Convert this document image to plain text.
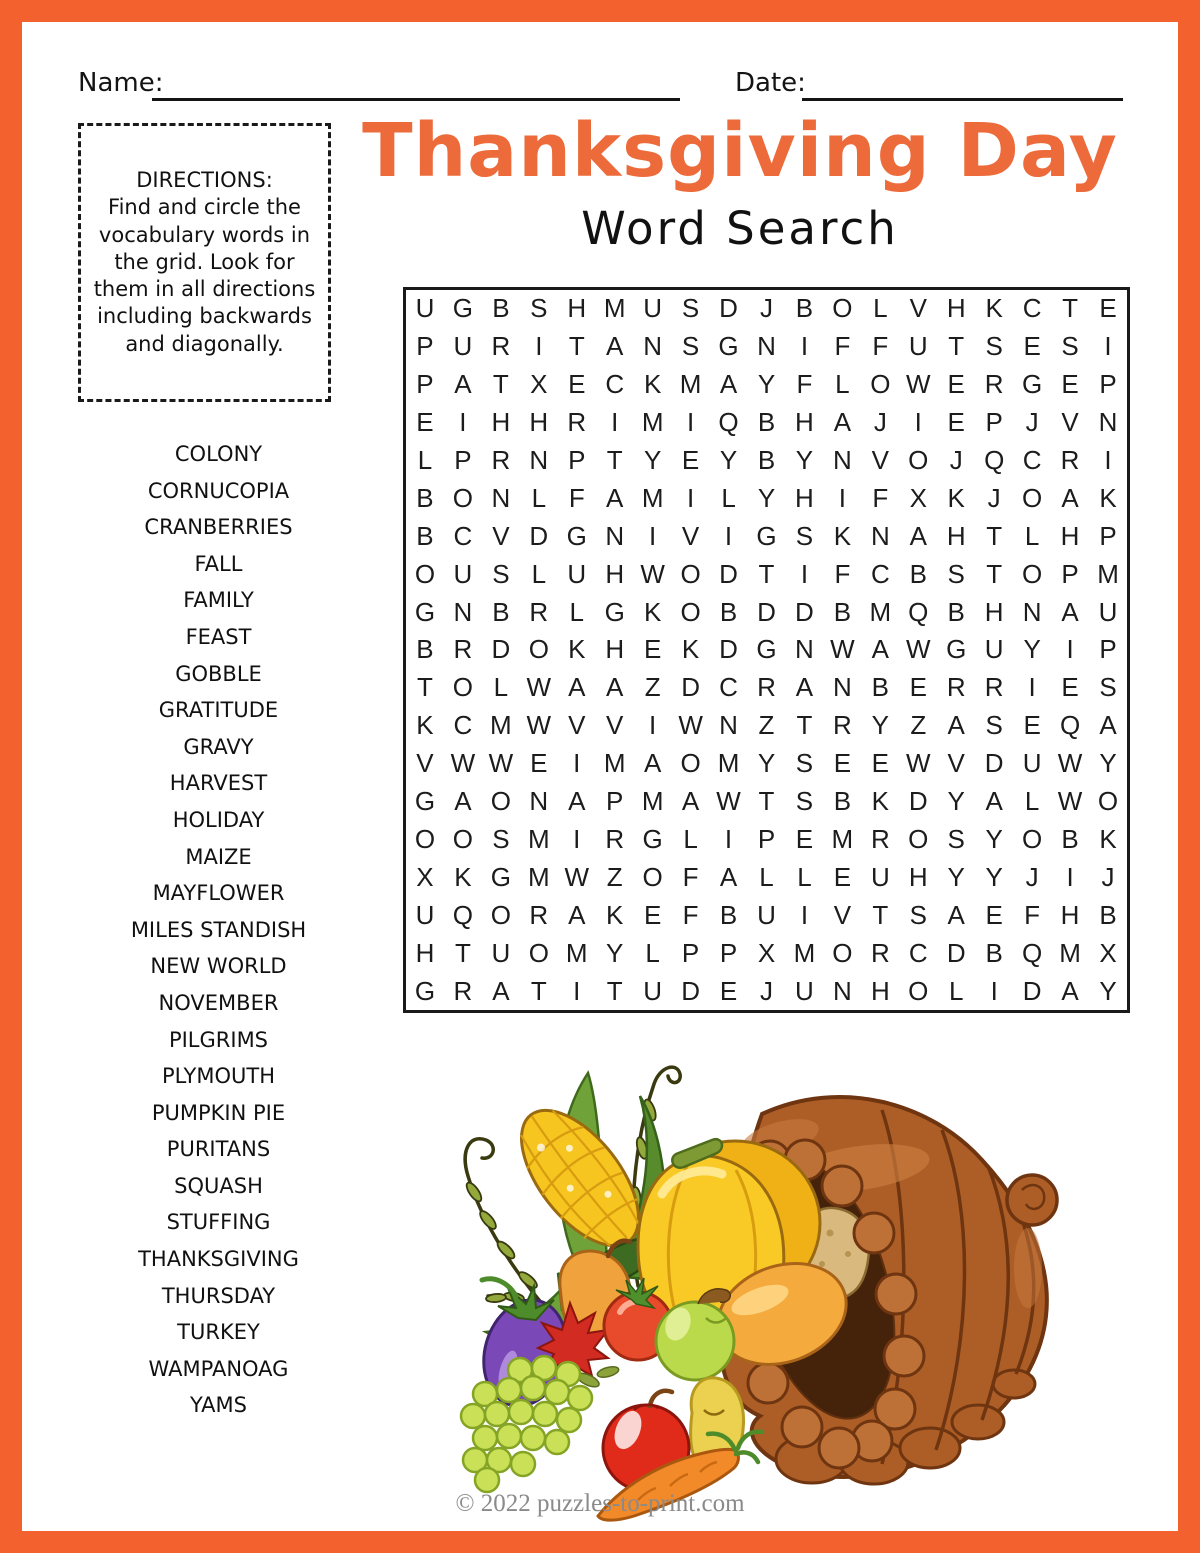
Name:	Date:
Thanksgiving Day
Word Search
DIRECTIONS:
Find and circle the vocabulary words in the grid. Look for them in all directions including backwards and diagonally.
COLONY
CORNUCOPIA
CRANBERRIES
FALL
FAMILY
FEAST
GOBBLE
GRATITUDE
GRAVY
HARVEST
HOLIDAY
MAIZE
MAYFLOWER
MILES STANDISH
NEW WORLD
NOVEMBER
PILGRIMS
PLYMOUTH
PUMPKIN PIE
PURITANS
SQUASH
STUFFING
THANKSGIVING
THURSDAY
TURKEY
WAMPANOAG
YAMS
U G B S H M U S D J B O L V H K C T E
P U R I	T A N S G N I	F F U T S E S I
P A T X E C K M A Y F L O W E R G E P
E I H H R I M I Q B H A J	I E P J V N
L P R N P T Y E Y B Y N V O J Q C R I
B O N L F A M I	L Y H I	F X K J O A K
B C V D G N I V I G S K N A H T L H P
O U S L U H W O D T	I	F C B S T O P M
G N B R L G K O B D D B M Q B H N A U
B R D O K H E K D G N W A W G U Y I P
T O L W A A Z D C R A N B E R R I E S
K C M W V V I W N Z T R Y Z A S E Q A
V W W E I M A O M Y S E E W V D U W Y
G A O N A P M A W T S B K D Y A L W O
O O S M I R G L	I P E M R O S Y O B K
X K G M W Z O F A L L E U H Y Y J	I	J
U Q O R A K E F B U I V T S A E F H B
H T U O M Y L P P X M O R C D B Q M X
G R A T	I	T U D E J U N H O L	I D A Y
© 2022 puzzles-to-print.com
